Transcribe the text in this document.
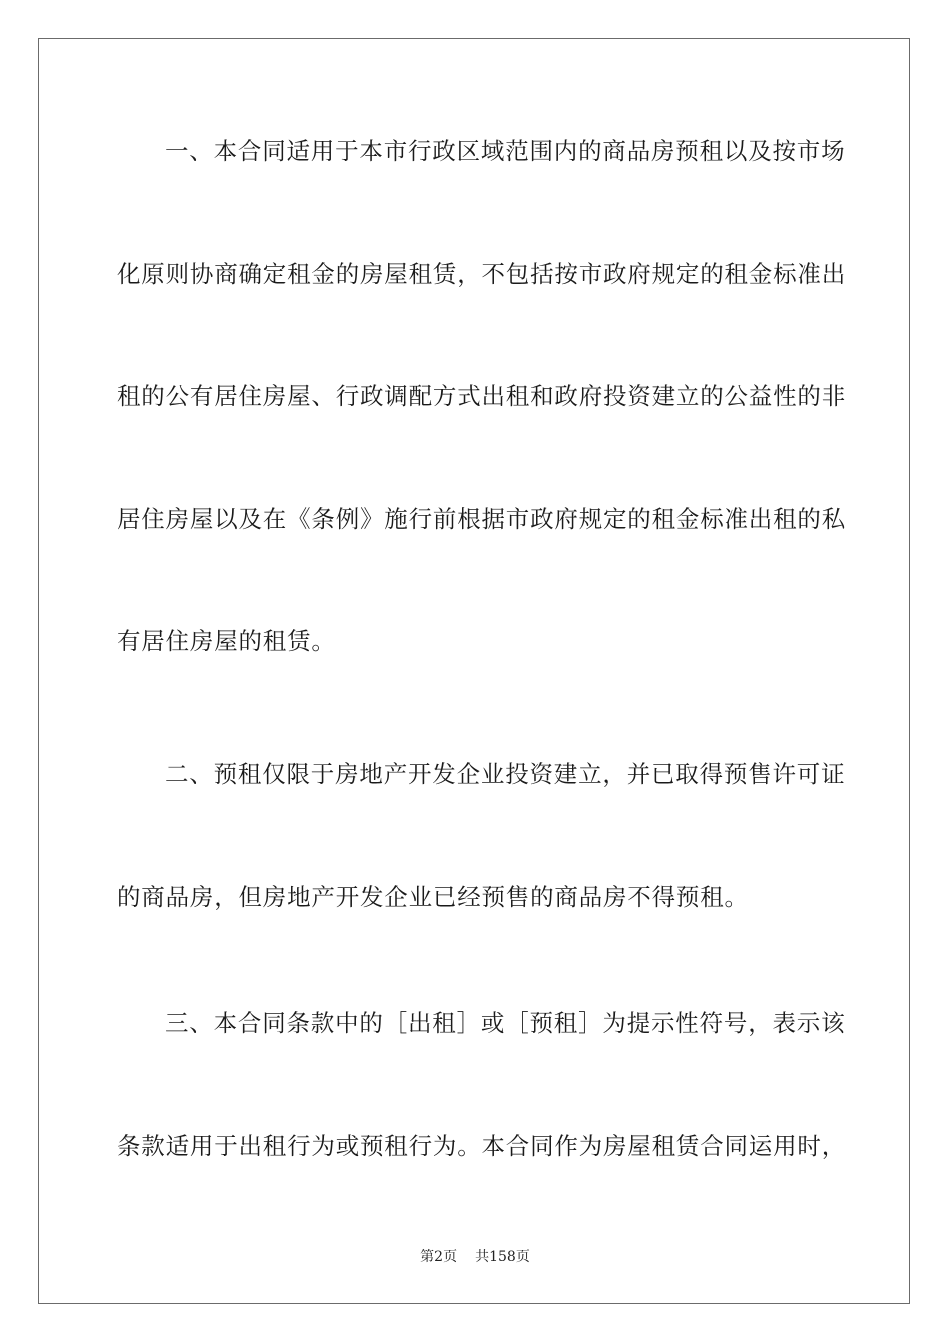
一、本合同适用于本市行政区域范围内的商品房预租以及按市场
化原则协商确定租金的房屋租赁，不包括按市政府规定的租金标准出
租的公有居住房屋、行政调配方式出租和政府投资建立的公益性的非
居住房屋以及在《条例》施行前根据市政府规定的租金标准出租的私
有居住房屋的租赁。
二、预租仅限于房地产开发企业投资建立，并已取得预售许可证
的商品房，但房地产开发企业已经预售的商品房不得预租。
三、本合同条款中的［出租］或［预租］为提示性符号，表示该
条款适用于出租行为或预租行为。本合同作为房屋租赁合同运用时，
第2页 共158页
